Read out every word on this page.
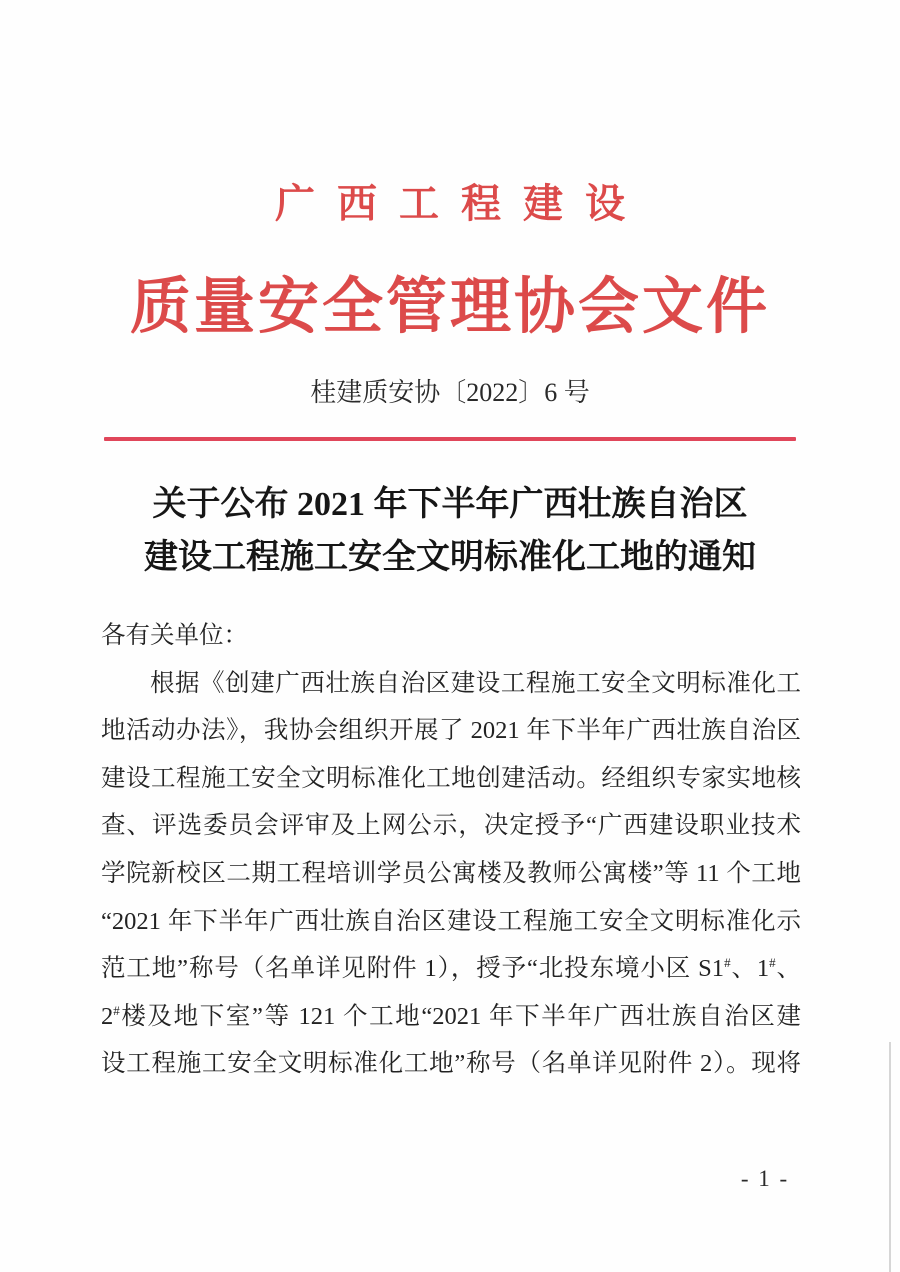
广西工程建设
质量安全管理协会文件
桂建质安协〔2022〕6 号
关于公布 2021 年下半年广西壮族自治区
建设工程施工安全文明标准化工地的通知
各有关单位：
根据《创建广西壮族自治区建设工程施工安全文明标准化工
地活动办法》，我协会组织开展了 2021 年下半年广西壮族自治区
建设工程施工安全文明标准化工地创建活动。经组织专家实地核
查、评选委员会评审及上网公示，决定授予“广西建设职业技术
学院新校区二期工程培训学员公寓楼及教师公寓楼”等 11 个工地
“2021 年下半年广西壮族自治区建设工程施工安全文明标准化示
范工地”称号（名单详见附件 1），授予“北投东境小区 S1#、1#、
2#楼及地下室”等 121 个工地“2021 年下半年广西壮族自治区建
设工程施工安全文明标准化工地”称号（名单详见附件 2）。现将
- 1 -
